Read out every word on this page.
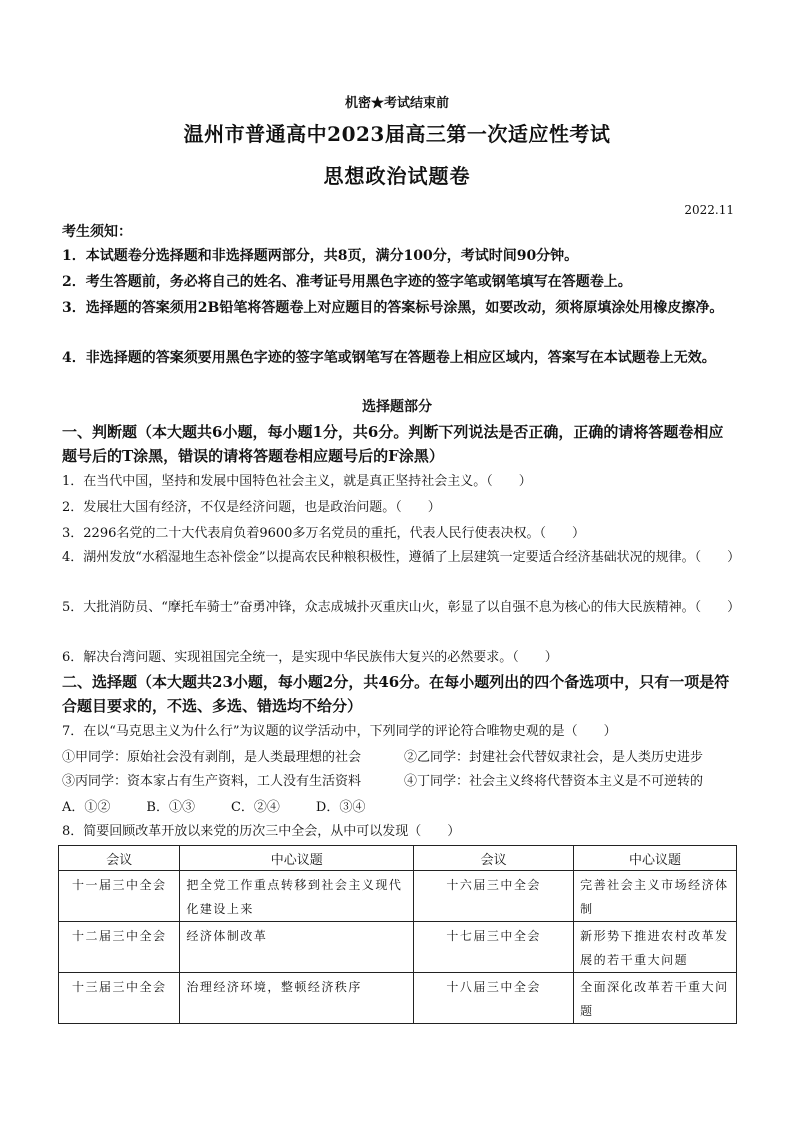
机密★考试结束前
温州市普通高中2023届高三第一次适应性考试
思想政治试题卷
2022.11
考生须知：
1．本试题卷分选择题和非选择题两部分，共8页，满分100分，考试时间90分钟。
2．考生答题前，务必将自己的姓名、准考证号用黑色字迹的签字笔或钢笔填写在答题卷上。
3．选择题的答案须用2B铅笔将答题卷上对应题目的答案标号涂黑，如要改动，须将原填涂处用橡皮擦净。
4．非选择题的答案须要用黑色字迹的签字笔或钢笔写在答题卷上相应区域内，答案写在本试题卷上无效。
选择题部分
一、判断题（本大题共6小题，每小题1分，共6分。判断下列说法是否正确，正确的请将答题卷相应题号后的T涂黑，错误的请将答题卷相应题号后的F涂黑）
1．在当代中国，坚持和发展中国特色社会主义，就是真正坚持社会主义。（　　）
2．发展壮大国有经济，不仅是经济问题，也是政治问题。（　　）
3．2296名党的二十大代表肩负着9600多万名党员的重托，代表人民行使表决权。（　　）
4．湖州发放“水稻湿地生态补偿金”以提高农民种粮积极性，遵循了上层建筑一定要适合经济基础状况的规律。（　　）
5．大批消防员、“摩托车骑士”奋勇冲锋，众志成城扑灭重庆山火，彰显了以自强不息为核心的伟大民族精神。（　　）
6．解决台湾问题、实现祖国完全统一，是实现中华民族伟大复兴的必然要求。（　　）
二、选择题（本大题共23小题，每小题2分，共46分。在每小题列出的四个备选项中，只有一项是符合题目要求的，不选、多选、错选均不给分）
7．在以“马克思主义为什么行”为议题的议学活动中，下列同学的评论符合唯物史观的是（　　）
①甲同学：原始社会没有剥削，是人类最理想的社会	②乙同学：封建社会代替奴隶社会，是人类历史进步
③丙同学：资本家占有生产资料，工人没有生活资料	④丁同学：社会主义终将代替资本主义是不可逆转的
A．①②	B．①③	C．②④	D．③④
8．简要回顾改革开放以来党的历次三中全会，从中可以发现（　　）
会议	中心议题	会议	中心议题
十一届三中全会	把全党工作重点转移到社会主义现代化建设上来	十六届三中全会	完善社会主义市场经济体制
十二届三中全会	经济体制改革	十七届三中全会	新形势下推进农村改革发展的若干重大问题
十三届三中全会	治理经济环境，整顿经济秩序	十八届三中全会	全面深化改革若干重大问题
